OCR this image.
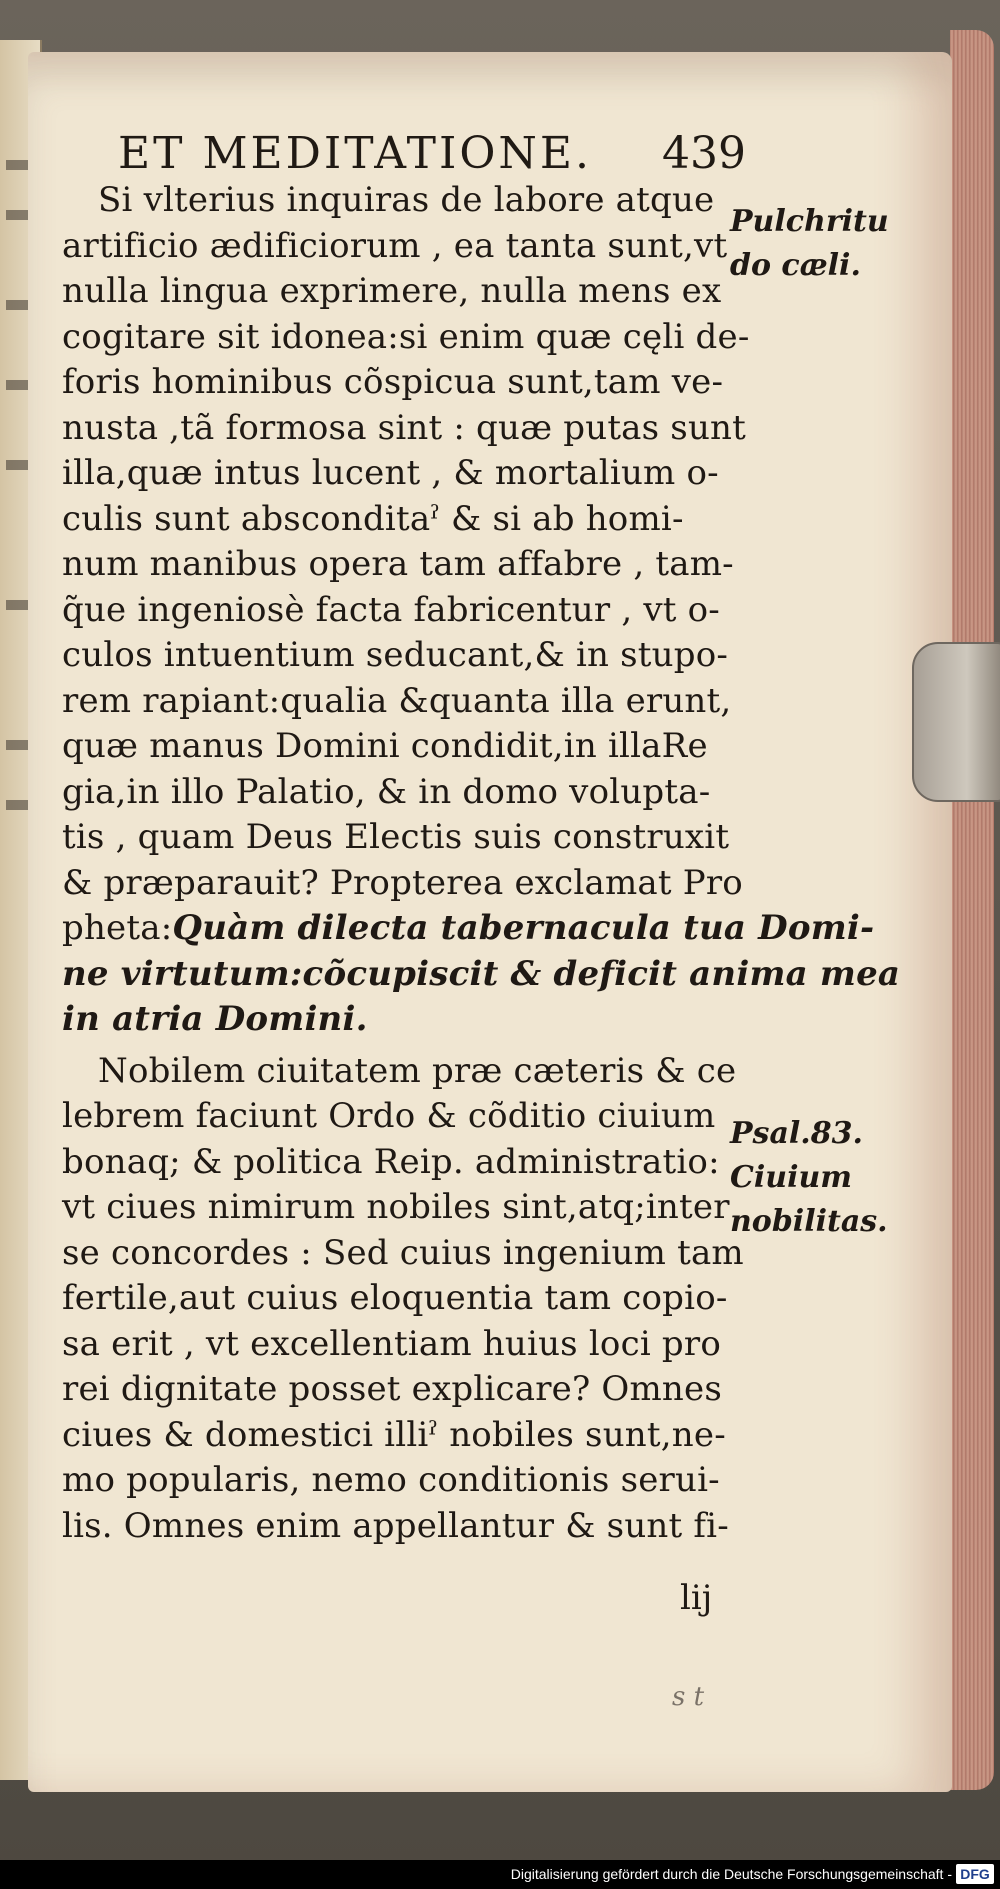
ET MEDITATIONE.	439
Si vlterius inquiras de labore atque
artificio ædificiorum , ea tanta sunt,vt
nulla lingua exprimere, nulla mens ex
cogitare sit idonea:si enim quæ cęli de-
foris hominibus cõspicua sunt,tam ve-
nusta ,tã formosa sint : quæ putas sunt
illa,quæ intus lucent , & mortalium o-
culis sunt absconditaˀ & si ab homi-
num manibus opera tam affabre , tam-
q̃ue ingeniosè facta fabricentur , vt o-
culos intuentium seducant,& in stupo-
rem rapiant:qualia &quanta illa erunt,
quæ manus Domini condidit,in illaRe
gia,in illo Palatio, & in domo volupta-
tis , quam Deus Electis suis construxit
& præparauit? Propterea exclamat Pro
pheta:Quàm dilecta tabernacula tua Domi-
ne virtutum:cõcupiscit & deficit anima mea
in atria Domini.
Nobilem ciuitatem præ cæteris & ce
lebrem faciunt Ordo & cõditio ciuium
bonaq; & politica Reip. administratio:
vt ciues nimirum nobiles sint,atq;inter
se concordes : Sed cuius ingenium tam
fertile,aut cuius eloquentia tam copio-
sa erit , vt excellentiam huius loci pro
rei dignitate posset explicare? Omnes
ciues & domestici illiˀ nobiles sunt,ne-
mo popularis, nemo conditionis serui-
lis. Omnes enim appellantur & sunt fi-
lij
Pulchritu
do cæli.
Psal.83.
Ciuium
nobilitas.
s t
Digitalisierung gefördert durch die Deutsche Forschungsgemeinschaft - DFG
